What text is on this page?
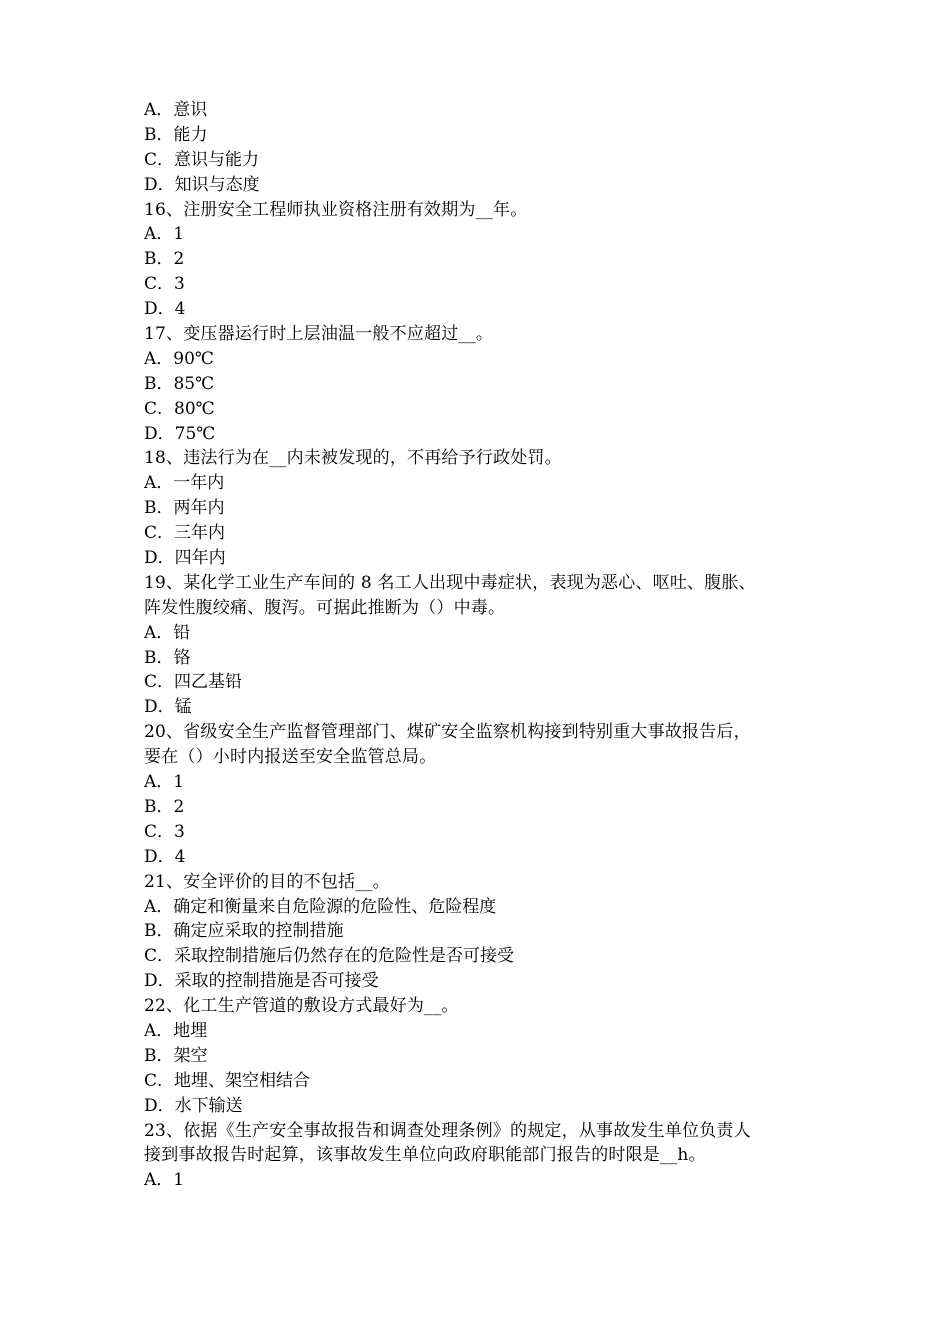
A．意识
B．能力
C．意识与能力
D．知识与态度
16、注册安全工程师执业资格注册有效期为__年。
A．1
B．2
C．3
D．4
17、变压器运行时上层油温一般不应超过__。
A．90℃
B．85℃
C．80℃
D．75℃
18、违法行为在__内未被发现的，不再给予行政处罚。
A．一年内
B．两年内
C．三年内
D．四年内
19、某化学工业生产车间的 8 名工人出现中毒症状，表现为恶心、呕吐、腹胀、
阵发性腹绞痛、腹泻。可据此推断为（）中毒。
A．铅
B．铬
C．四乙基铅
D．锰
20、省级安全生产监督管理部门、煤矿安全监察机构接到特别重大事故报告后，
要在（）小时内报送至安全监管总局。
A．1
B．2
C．3
D．4
21、安全评价的目的不包括__。
A．确定和衡量来自危险源的危险性、危险程度
B．确定应采取的控制措施
C．采取控制措施后仍然存在的危险性是否可接受
D．采取的控制措施是否可接受
22、化工生产管道的敷设方式最好为__。
A．地埋
B．架空
C．地埋、架空相结合
D．水下输送
23、依据《生产安全事故报告和调查处理条例》的规定，从事故发生单位负责人
接到事故报告时起算，该事故发生单位向政府职能部门报告的时限是__h。
A．1
